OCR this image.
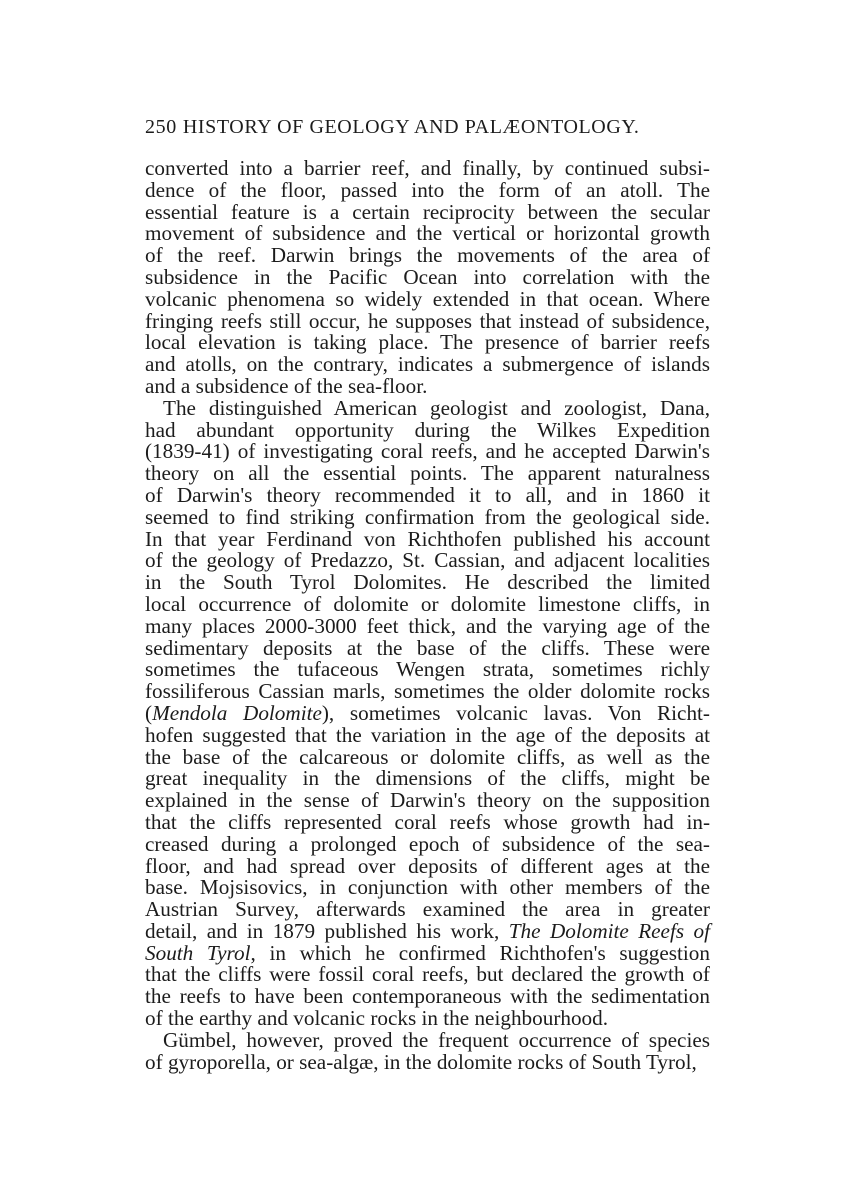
250 HISTORY OF GEOLOGY AND PALÆONTOLOGY.
converted into a barrier reef, and finally, by continued subsi-
dence of the floor, passed into the form of an atoll. The
essential feature is a certain reciprocity between the secular
movement of subsidence and the vertical or horizontal growth
of the reef. Darwin brings the movements of the area of
subsidence in the Pacific Ocean into correlation with the
volcanic phenomena so widely extended in that ocean. Where
fringing reefs still occur, he supposes that instead of subsidence,
local elevation is taking place. The presence of barrier reefs
and atolls, on the contrary, indicates a submergence of islands
and a subsidence of the sea-floor.
The distinguished American geologist and zoologist, Dana,
had abundant opportunity during the Wilkes Expedition
(1839-41) of investigating coral reefs, and he accepted Darwin's
theory on all the essential points. The apparent naturalness
of Darwin's theory recommended it to all, and in 1860 it
seemed to find striking confirmation from the geological side.
In that year Ferdinand von Richthofen published his account
of the geology of Predazzo, St. Cassian, and adjacent localities
in the South Tyrol Dolomites. He described the limited
local occurrence of dolomite or dolomite limestone cliffs, in
many places 2000-3000 feet thick, and the varying age of the
sedimentary deposits at the base of the cliffs. These were
sometimes the tufaceous Wengen strata, sometimes richly
fossiliferous Cassian marls, sometimes the older dolomite rocks
(Mendola Dolomite), sometimes volcanic lavas. Von Richt-
hofen suggested that the variation in the age of the deposits at
the base of the calcareous or dolomite cliffs, as well as the
great inequality in the dimensions of the cliffs, might be
explained in the sense of Darwin's theory on the supposition
that the cliffs represented coral reefs whose growth had in-
creased during a prolonged epoch of subsidence of the sea-
floor, and had spread over deposits of different ages at the
base. Mojsisovics, in conjunction with other members of the
Austrian Survey, afterwards examined the area in greater
detail, and in 1879 published his work, The Dolomite Reefs of
South Tyrol, in which he confirmed Richthofen's suggestion
that the cliffs were fossil coral reefs, but declared the growth of
the reefs to have been contemporaneous with the sedimentation
of the earthy and volcanic rocks in the neighbourhood.
Gümbel, however, proved the frequent occurrence of species
of gyroporella, or sea-algæ, in the dolomite rocks of South Tyrol,
